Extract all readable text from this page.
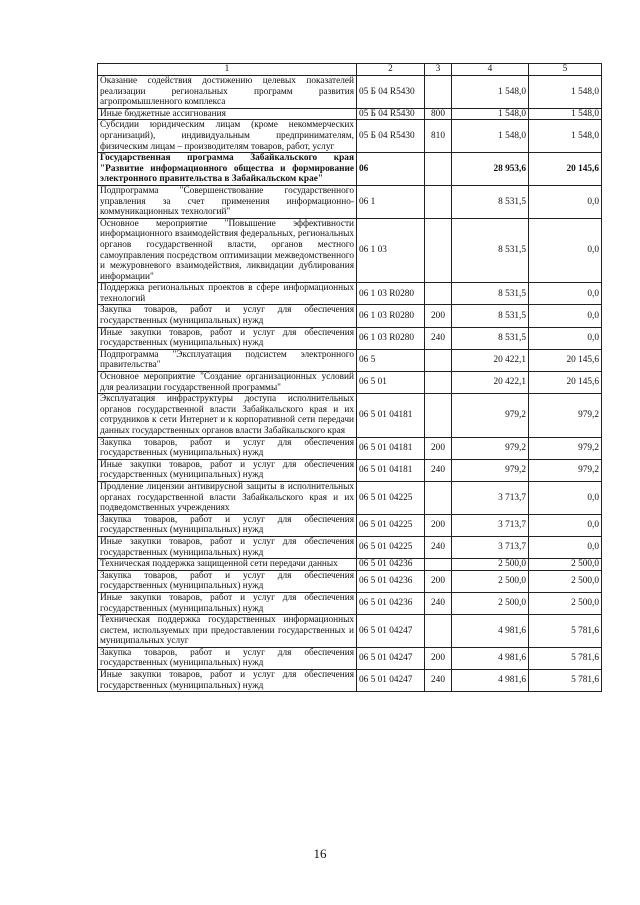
1	2	3	4	5
Оказание содействия достижению целевых показателей реализации региональных программ развития агропромышленного комплекса	05 Б 04 R5430		1 548,0	1 548,0
Иные бюджетные ассигнования	05 Б 04 R5430	800	1 548,0	1 548,0
Субсидии юридическим лицам (кроме некоммерческих организаций), индивидуальным предпринимателям, физическим лицам – производителям товаров, работ, услуг	05 Б 04 R5430	810	1 548,0	1 548,0
Государственная программа Забайкальского края "Развитие информационного общества и формирование электронного правительства в Забайкальском крае"	06		28 953,6	20 145,6
Подпрограмма "Совершенствование государственного управления за счет применения информационно-коммуникационных технологий"	06 1		8 531,5	0,0
Основное мероприятие "Повышение эффективности информационного взаимодействия федеральных, региональных органов государственной власти, органов местного самоуправления посредством оптимизации межведомственного и межуровневого взаимодействия, ликвидации дублирования информации"	06 1 03		8 531,5	0,0
Поддержка региональных проектов в сфере информационных технологий	06 1 03 R0280		8 531,5	0,0
Закупка товаров, работ и услуг для обеспечения государственных (муниципальных) нужд	06 1 03 R0280	200	8 531,5	0,0
Иные закупки товаров, работ и услуг для обеспечения государственных (муниципальных) нужд	06 1 03 R0280	240	8 531,5	0,0
Подпрограмма "Эксплуатация подсистем электронного правительства"	06 5		20 422,1	20 145,6
Основное мероприятие "Создание организационных условий для реализации государственной программы"	06 5 01		20 422,1	20 145,6
Эксплуатация инфраструктуры доступа исполнительных органов государственной власти Забайкальского края и их сотрудников к сети Интернет и к корпоративной сети передачи данных государственных органов власти Забайкальского края	06 5 01 04181		979,2	979,2
Закупка товаров, работ и услуг для обеспечения государственных (муниципальных) нужд	06 5 01 04181	200	979,2	979,2
Иные закупки товаров, работ и услуг для обеспечения государственных (муниципальных) нужд	06 5 01 04181	240	979,2	979,2
Продление лицензии антивирусной защиты в исполнительных органах государственной власти Забайкальского края и их подведомственных учреждениях	06 5 01 04225		3 713,7	0,0
Закупка товаров, работ и услуг для обеспечения государственных (муниципальных) нужд	06 5 01 04225	200	3 713,7	0,0
Иные закупки товаров, работ и услуг для обеспечения государственных (муниципальных) нужд	06 5 01 04225	240	3 713,7	0,0
Техническая поддержка защищенной сети передачи данных	06 5 01 04236		2 500,0	2 500,0
Закупка товаров, работ и услуг для обеспечения государственных (муниципальных) нужд	06 5 01 04236	200	2 500,0	2 500,0
Иные закупки товаров, работ и услуг для обеспечения государственных (муниципальных) нужд	06 5 01 04236	240	2 500,0	2 500,0
Техническая поддержка государственных информационных систем, используемых при предоставлении государственных и муниципальных услуг	06 5 01 04247		4 981,6	5 781,6
Закупка товаров, работ и услуг для обеспечения государственных (муниципальных) нужд	06 5 01 04247	200	4 981,6	5 781,6
Иные закупки товаров, работ и услуг для обеспечения государственных (муниципальных) нужд	06 5 01 04247	240	4 981,6	5 781,6
16
